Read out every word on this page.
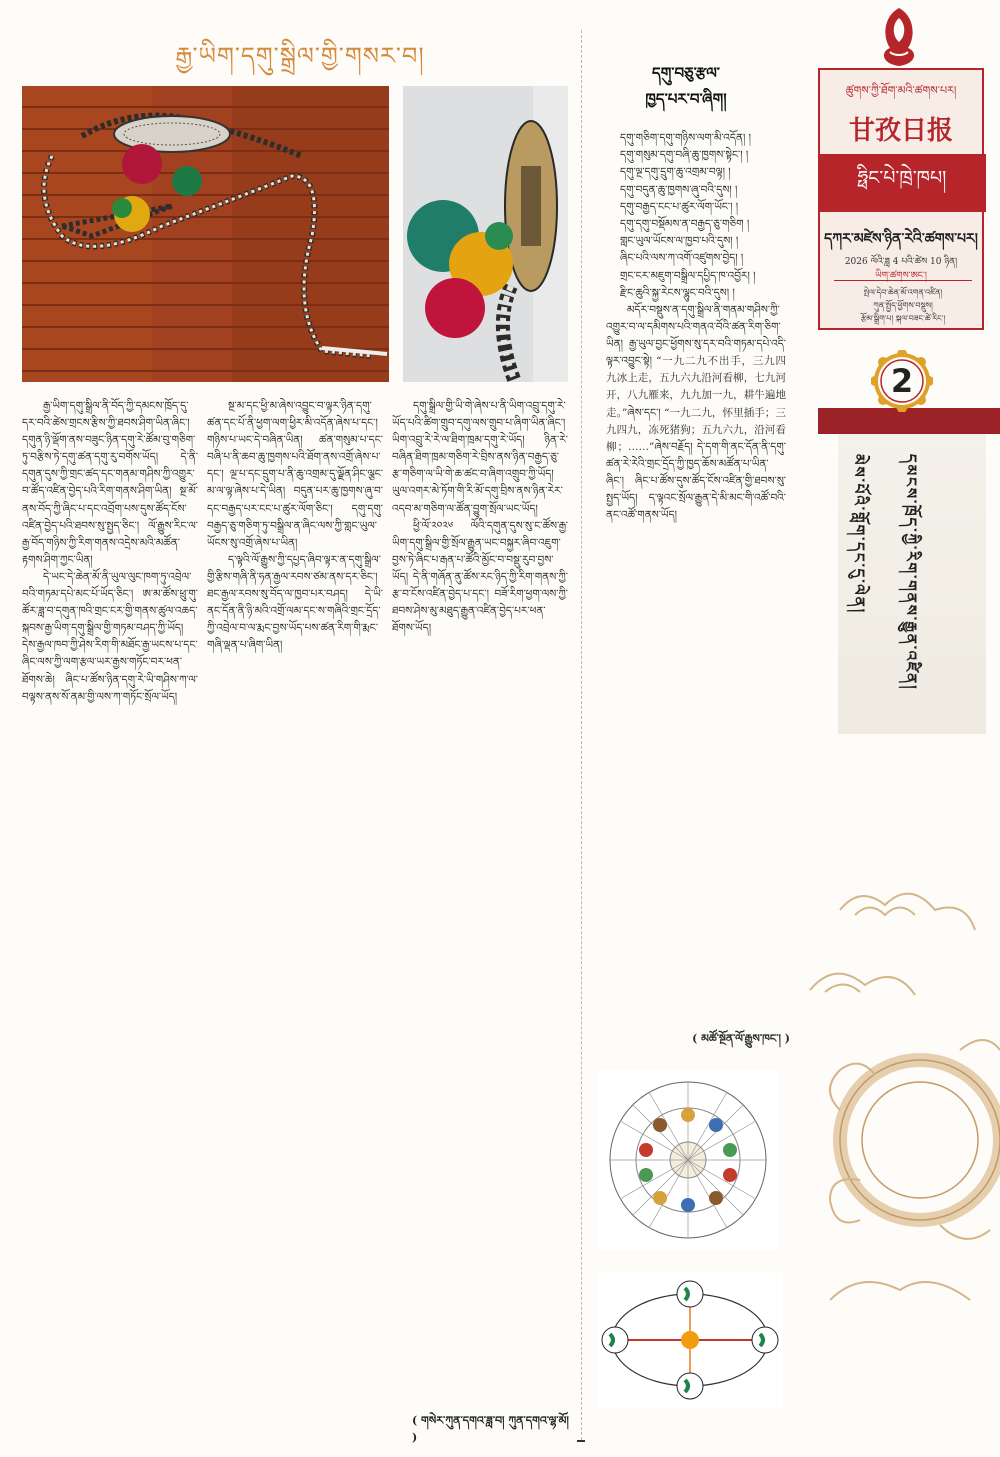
རྒྱ་ཡིག་དགུ་སྒྲིལ་གྱི་གསར་བ།

རྒྱ་ཡིག་དགུ་སྒྲིལ་ནི་བོད་ཀྱི་དམངས་ཁྲོད་དུ་དར་བའི་ཚེས་གྲངས་རྩིས་ཀྱི་ཐབས་ཤིག་ཡིན་ཞིང་། དགུན་ཉི་ལྡོག་ནས་བཟུང་ཉིན་དགུ་རེ་ཚོམ་བུ་གཅིག་ཏུ་བརྩིས་ཏེ་དགུ་ཚན་དགུ་རུ་བགོས་ཡོད། དེ་ནི་དགུན་དུས་ཀྱི་གྲང་ཚད་དང་གནམ་གཤིས་ཀྱི་འགྱུར་བ་ཚོད་འཛིན་བྱེད་པའི་རིག་གནས་ཤིག་ཡིན། སྔ་མོ་ནས་བོད་ཀྱི་ཞིང་པ་དང་འབྲོག་པས་དུས་ཚོད་ངོས་འཛིན་བྱེད་པའི་ཐབས་སུ་སྤྱད་ཅིང་། ལོ་རྒྱུས་རིང་ལ་རྒྱ་བོད་གཉིས་ཀྱི་རིག་གནས་འདྲེས་མའི་མཚོན་རྟགས་ཤིག་ཀྱང་ཡིན།

དེ་ཡང་དེ་ཆེན་མོ་ནི་ཡུལ་ལུང་ཁག་ཏུ་འབྲེལ་བའི་གཏམ་དཔེ་མང་པོ་ཡོད་ཅིང་། ཨ་མ་ཚོས་ཕྲུ་གུ་ཚོར་ཟླ་བ་དགུན་ཁའི་གྲང་ངར་གྱི་གནས་ཚུལ་འཆད་སྐབས་རྒྱ་ཡིག་དགུ་སྒྲིལ་གྱི་གཏམ་བཤད་ཀྱི་ཡོད། དེས་རྒྱལ་ཁབ་ཀྱི་ཤེས་རིག་གི་མཐོང་རྒྱ་ཡངས་པ་དང་ཞིང་ལས་ཀྱི་ལག་རྩལ་ཡར་རྒྱས་གཏོང་བར་ཕན་ཐོགས་ཆེ། ཞིང་པ་ཚོས་ཉིན་དགུ་རེ་ཡི་གཤིས་ཀ་ལ་བལྟས་ནས་སོ་ནམ་གྱི་ལས་ཀ་གཏོང་སྲོལ་ཡོད།

སྔ་མ་དང་ཕྱི་མ་ཞེས་འབྱུང་བ་ལྟར་ཉིན་དགུ་ཚན་དང་པོ་ནི་ཕྱག་ལག་ཕྱིར་མི་འདོན་ཞེས་པ་དང་། གཉིས་པ་ཡང་དེ་བཞིན་ཡིན། ཚན་གསུམ་པ་དང་བཞི་པ་ནི་ཆབ་ཆུ་ཁྱགས་པའི་ཐོག་ནས་འགྲོ་ཞེས་པ་དང་། ལྔ་པ་དང་དྲུག་པ་ནི་ཆུ་འགྲམ་དུ་ལྗོན་ཤིང་ལྕང་མ་ལ་ལྟ་ཞེས་པ་དེ་ཡིན། བདུན་པར་ཆུ་ཁྱགས་ཞུ་བ་དང་བརྒྱད་པར་ངང་པ་ཚུར་ལོག་ཅིང་། དགུ་དགུ་བརྒྱད་ཅུ་གཅིག་ཏུ་བསྒྲིལ་ན་ཞིང་ལས་ཀྱི་གླང་ཡུལ་ཡོངས་སུ་འགྲོ་ཞེས་པ་ཡིན།

ད་ལྟའི་ལོ་རྒྱུས་ཀྱི་དཔྱད་ཞིབ་ལྟར་ན་དགུ་སྒྲིལ་གྱི་རྩིས་གཞི་ནི་ཧན་རྒྱལ་རབས་ཙམ་ནས་དར་ཅིང་། ཐང་རྒྱལ་རབས་སུ་བོད་ལ་ཁྱབ་པར་བཤད། དེ་ཡི་ནང་དོན་ནི་ཉི་མའི་འགྲོ་ལམ་དང་ས་གཞིའི་གྲང་དྲོད་ཀྱི་འབྲེལ་བ་ལ་རྨང་བྱས་ཡོད་པས་ཚན་རིག་གི་རྨང་གཞི་ལྡན་པ་ཞིག་ཡིན།

དགུ་སྒྲིལ་གྱི་ཡི་གེ་ཞེས་པ་ནི་ཡིག་འབྲུ་དགུ་རེ་ཡོད་པའི་ཚིག་གྲུབ་དགུ་ལས་གྲུབ་པ་ཞིག་ཡིན་ཞིང་། ཡིག་འབྲུ་རེ་རེ་ལ་ཐིག་ཁྲམ་དགུ་རེ་ཡོད། ཉིན་རེ་བཞིན་ཐིག་ཁྲམ་གཅིག་རེ་བྲིས་ནས་ཉིན་བརྒྱད་ཅུ་རྩ་གཅིག་ལ་ཡི་གེ་ཆ་ཚང་བ་ཞིག་འགྲུབ་ཀྱི་ཡོད། ཡུལ་འགར་མེ་ཏོག་གི་རི་མོ་དགུ་བྲིས་ནས་ཉིན་རེར་འདབ་མ་གཅིག་ལ་ཚོན་བྱུག་སྲོལ་ཡང་ཡོད།

ཕྱི་ལོ་༢༠༢༦ ལོའི་དགུན་དུས་སུ་ང་ཚོས་རྒྱ་ཡིག་དགུ་སྒྲིལ་གྱི་སྲོལ་རྒྱུན་ཡང་བསྐྱར་ཞིབ་འཇུག་བྱས་ཏེ་ཞིང་པ་རྒན་པ་ཚོའི་མྱོང་བ་བསྡུ་རུབ་བྱས་ཡོད། དེ་ནི་གཞོན་ནུ་ཚོས་རང་ཉིད་ཀྱི་རིག་གནས་ཀྱི་རྩ་བ་ངོས་འཛིན་བྱེད་པ་དང་། བཟོ་རིག་ཕྱག་ལས་ཀྱི་ཐབས་ཤེས་མུ་མཐུད་རྒྱུན་འཛིན་བྱེད་པར་ཕན་ཐོགས་ཡོད།

( གསེར་ཀུན་དགའ་ཟླ་བ། ཀུན་དགའ་ལྷ་མོ། )
དགུ་བཅུ་རྩལ་
ཁྱད་པར་བ་ཞིག།
དགུ་གཅིག་དགུ་གཉིས་ལག་མི་འདོན། །
དགུ་གསུམ་དགུ་བཞི་ཆུ་ཁྱགས་སྟེང་། །
དགུ་ལྔ་དགུ་དྲུག་ཆུ་འགྲམ་བལྟ། །
དགུ་བདུན་ཆུ་ཁྱགས་ཞུ་བའི་དུས། །
དགུ་བརྒྱད་ངང་པ་ཚུར་ལོག་ཡོང་། །
དགུ་དགུ་བསྡོམས་ན་བརྒྱད་ཅུ་གཅིག །
གླང་ཡུལ་ཡོངས་ལ་ཁྱབ་པའི་དུས། །
ཞིང་པའི་ལས་ཀ་འགོ་འཛུགས་བྱེད། །
གྲང་ངར་མཇུག་བསྒྲིལ་དཔྱིད་ཁ་འབྱོར། །
རྫིང་ཆུའི་སྐྱ་རེངས་ལྷུང་བའི་དུས། །

མདོར་བསྡུས་ན་དགུ་སྒྲིལ་ནི་གནམ་གཤིས་ཀྱི་འགྱུར་བ་ལ་དམིགས་པའི་གནའ་བོའི་ཚན་རིག་ཅིག་ཡིན། རྒྱ་ཡུལ་བྱང་ཕྱོགས་སུ་དར་བའི་གཏམ་དཔེ་འདི་ལྟར་འབྱུང་སྟེ། “一九二九不出手，三九四九冰上走，五九六九沿河看柳，七九河开，八九雁来，九九加一九，耕牛遍地走。”ཞེས་དང་། “一九二九，怀里插手；三九四九，冻死猪狗；五九六九，沿河看柳；……”ཞེས་བརྗོད། དེ་དག་གི་ནང་དོན་ནི་དགུ་ཚན་རེ་རེའི་གྲང་དྲོད་ཀྱི་ཁྱད་ཆོས་མཚོན་པ་ཡིན་ཞིང་། ཞིང་པ་ཚོས་དུས་ཚོད་ངོས་འཛིན་གྱི་ཐབས་སུ་སྤྱད་ཡོད། ད་ལྟའང་སྲོལ་རྒྱུན་དེ་མི་མང་གི་འཚོ་བའི་ནང་འཚོ་གནས་ཡོད།

( མཚོ་སྔོན་ལོ་རྒྱུས་ཁང་། )
ཚུགས་ཀྱི་ཐོག་མའི་ཚགས་པར།
甘孜日报
ཧྥིང་པེ་ཁྲེ་ཁཔ།
དཀར་མཛེས་ཉིན་རེའི་ཚགས་པར།
2026 ལོའི་ཟླ 4 པའི་ཚེས 10 ཉིན།
ཡིག་ཚགས་ཨང་།
སྤེལ་དེབ་ཆེན་མོ་འགན་འཛིན།
ཀུན་སྤྱོད་ཕྱོགས་བསྡུས།
རྩོམ་སྒྲིག་པ། སྐལ་བཟང་ཚེ་རིང་།
2
དམངས་ཁྲོད་ཀྱི་རིག་གནས་རྒྱུན་འཛིན།
མེས་པོའི་གློག་དང་དུ་ལེན།
